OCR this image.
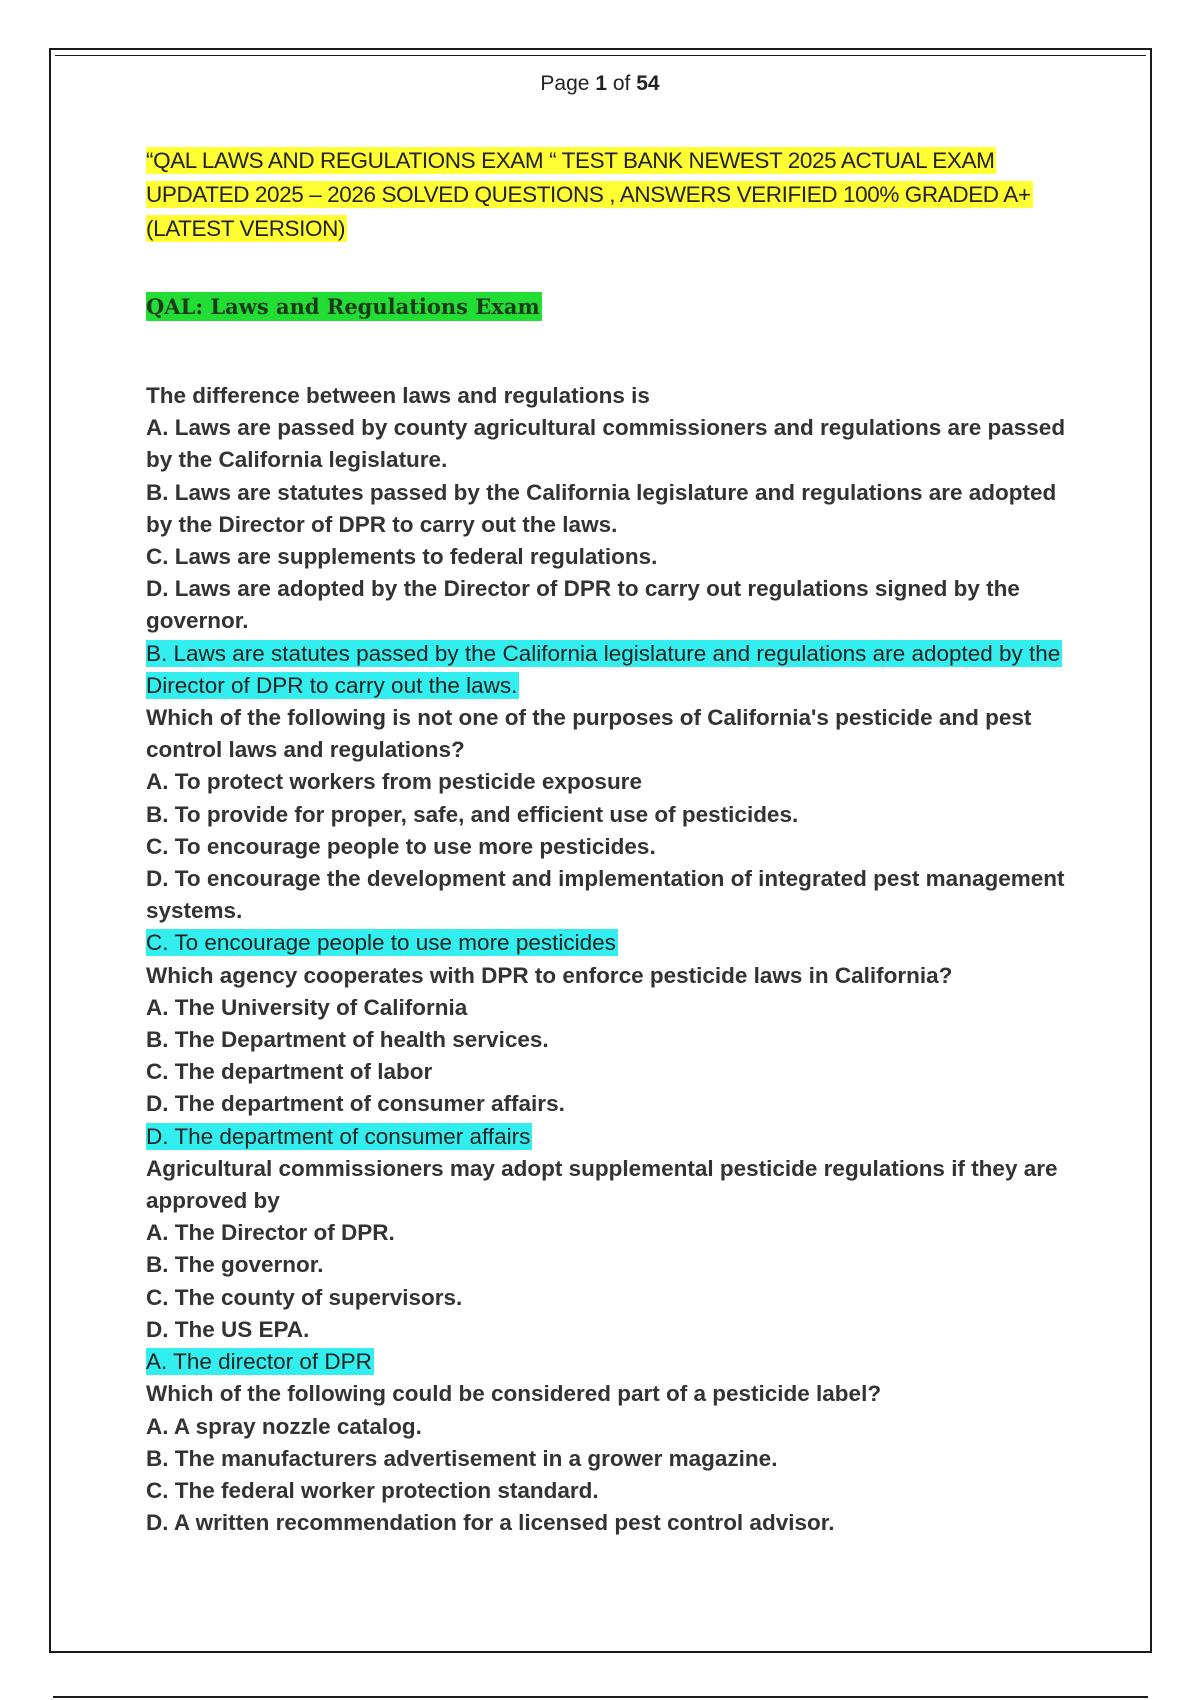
Page 1 of 54
“QAL LAWS AND REGULATIONS EXAM “ TEST BANK NEWEST 2025 ACTUAL EXAM
UPDATED 2025 – 2026 SOLVED QUESTIONS , ANSWERS VERIFIED 100% GRADED A+
(LATEST VERSION)
QAL: Laws and Regulations Exam
The difference between laws and regulations is
A. Laws are passed by county agricultural commissioners and regulations are passed by the California legislature.
B. Laws are statutes passed by the California legislature and regulations are adopted by the Director of DPR to carry out the laws.
C. Laws are supplements to federal regulations.
D. Laws are adopted by the Director of DPR to carry out regulations signed by the governor.
B. Laws are statutes passed by the California legislature and regulations are adopted by the Director of DPR to carry out the laws.
Which of the following is not one of the purposes of California's pesticide and pest control laws and regulations?
A. To protect workers from pesticide exposure
B. To provide for proper, safe, and efficient use of pesticides.
C. To encourage people to use more pesticides.
D. To encourage the development and implementation of integrated pest management systems.
C. To encourage people to use more pesticides
Which agency cooperates with DPR to enforce pesticide laws in California?
A. The University of California
B. The Department of health services.
C. The department of labor
D. The department of consumer affairs.
D. The department of consumer affairs
Agricultural commissioners may adopt supplemental pesticide regulations if they are approved by
A. The Director of DPR.
B. The governor.
C. The county of supervisors.
D. The US EPA.
A. The director of DPR
Which of the following could be considered part of a pesticide label?
A. A spray nozzle catalog.
B. The manufacturers advertisement in a grower magazine.
C. The federal worker protection standard.
D. A written recommendation for a licensed pest control advisor.
